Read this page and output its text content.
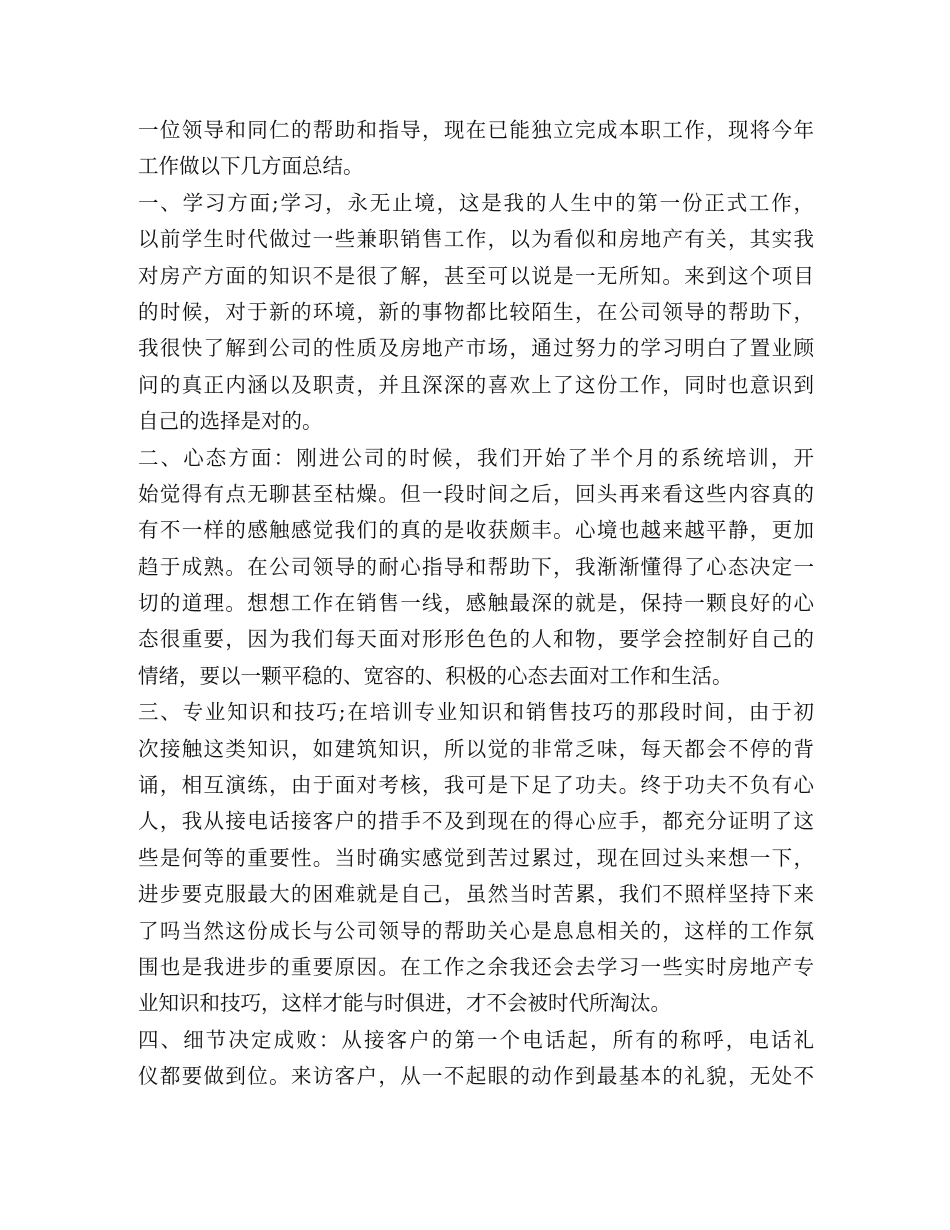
一位领导和同仁的帮助和指导，现在已能独立完成本职工作，现将今年
工作做以下几方面总结。
一、学习方面;学习，永无止境，这是我的人生中的第一份正式工作，
以前学生时代做过一些兼职销售工作，以为看似和房地产有关，其实我
对房产方面的知识不是很了解，甚至可以说是一无所知。来到这个项目
的时候，对于新的环境，新的事物都比较陌生，在公司领导的帮助下，
我很快了解到公司的性质及房地产市场，通过努力的学习明白了置业顾
问的真正内涵以及职责，并且深深的喜欢上了这份工作，同时也意识到
自己的选择是对的。
二、心态方面：刚进公司的时候，我们开始了半个月的系统培训，开
始觉得有点无聊甚至枯燥。但一段时间之后，回头再来看这些内容真的
有不一样的感触感觉我们的真的是收获颇丰。心境也越来越平静，更加
趋于成熟。在公司领导的耐心指导和帮助下，我渐渐懂得了心态决定一
切的道理。想想工作在销售一线，感触最深的就是，保持一颗良好的心
态很重要，因为我们每天面对形形色色的人和物，要学会控制好自己的
情绪，要以一颗平稳的、宽容的、积极的心态去面对工作和生活。
三、专业知识和技巧;在培训专业知识和销售技巧的那段时间，由于初
次接触这类知识，如建筑知识，所以觉的非常乏味，每天都会不停的背
诵，相互演练，由于面对考核，我可是下足了功夫。终于功夫不负有心
人，我从接电话接客户的措手不及到现在的得心应手，都充分证明了这
些是何等的重要性。当时确实感觉到苦过累过，现在回过头来想一下，
进步要克服最大的困难就是自己，虽然当时苦累，我们不照样坚持下来
了吗当然这份成长与公司领导的帮助关心是息息相关的，这样的工作氛
围也是我进步的重要原因。在工作之余我还会去学习一些实时房地产专
业知识和技巧，这样才能与时俱进，才不会被时代所淘汰。
四、细节决定成败：从接客户的第一个电话起，所有的称呼，电话礼
仪都要做到位。来访客户，从一不起眼的动作到最基本的礼貌，无处不
